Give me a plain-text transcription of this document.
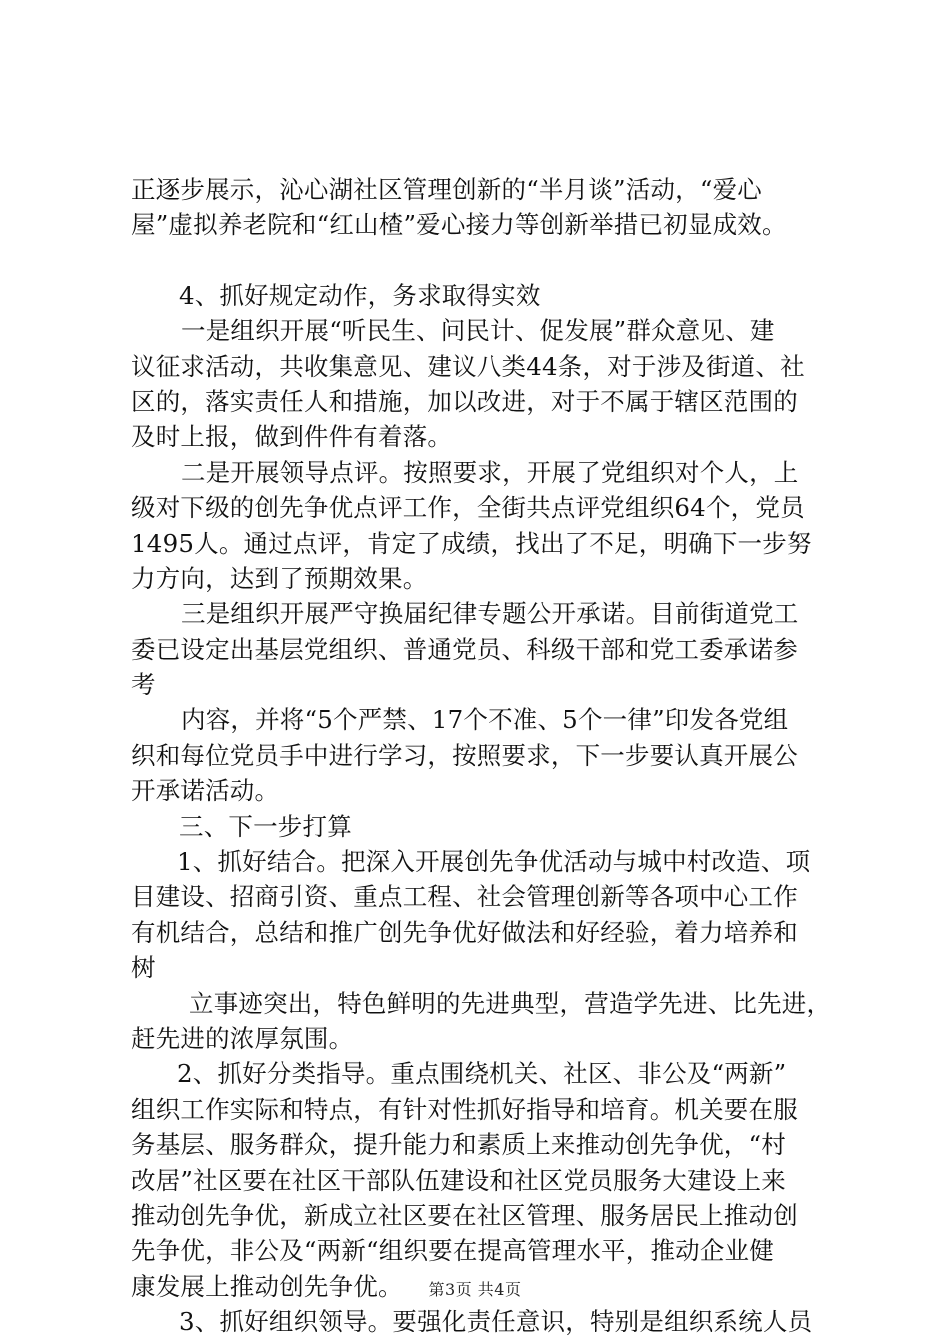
正逐步展示，沁心湖社区管理创新的“半月谈”活动，“爱心
屋”虚拟养老院和“红山楂”爱心接力等创新举措已初显成效。
4、抓好规定动作，务求取得实效
一是组织开展“听民生、问民计、促发展”群众意见、建
议征求活动，共收集意见、建议八类44条，对于涉及街道、社
区的，落实责任人和措施，加以改进，对于不属于辖区范围的
及时上报，做到件件有着落。
二是开展领导点评。按照要求，开展了党组织对个人，上
级对下级的创先争优点评工作，全街共点评党组织64个，党员
1495人。通过点评，肯定了成绩，找出了不足，明确下一步努
力方向，达到了预期效果。
三是组织开展严守换届纪律专题公开承诺。目前街道党工
委已设定出基层党组织、普通党员、科级干部和党工委承诺参
考
内容，并将“5个严禁、17个不准、5个一律”印发各党组
织和每位党员手中进行学习，按照要求，下一步要认真开展公
开承诺活动。
三、下一步打算
1、抓好结合。把深入开展创先争优活动与城中村改造、项
目建设、招商引资、重点工程、社会管理创新等各项中心工作
有机结合，总结和推广创先争优好做法和好经验，着力培养和
树
立事迹突出，特色鲜明的先进典型，营造学先进、比先进，
赶先进的浓厚氛围。
2、抓好分类指导。重点围绕机关、社区、非公及“两新”
组织工作实际和特点，有针对性抓好指导和培育。机关要在服
务基层、服务群众，提升能力和素质上来推动创先争优，“村
改居”社区要在社区干部队伍建设和社区党员服务大建设上来
推动创先争优，新成立社区要在社区管理、服务居民上推动创
先争优，非公及“两新“组织要在提高管理水平，推动企业健
康发展上推动创先争优。
3、抓好组织领导。要强化责任意识，特别是组织系统人员
第3页 共4页
